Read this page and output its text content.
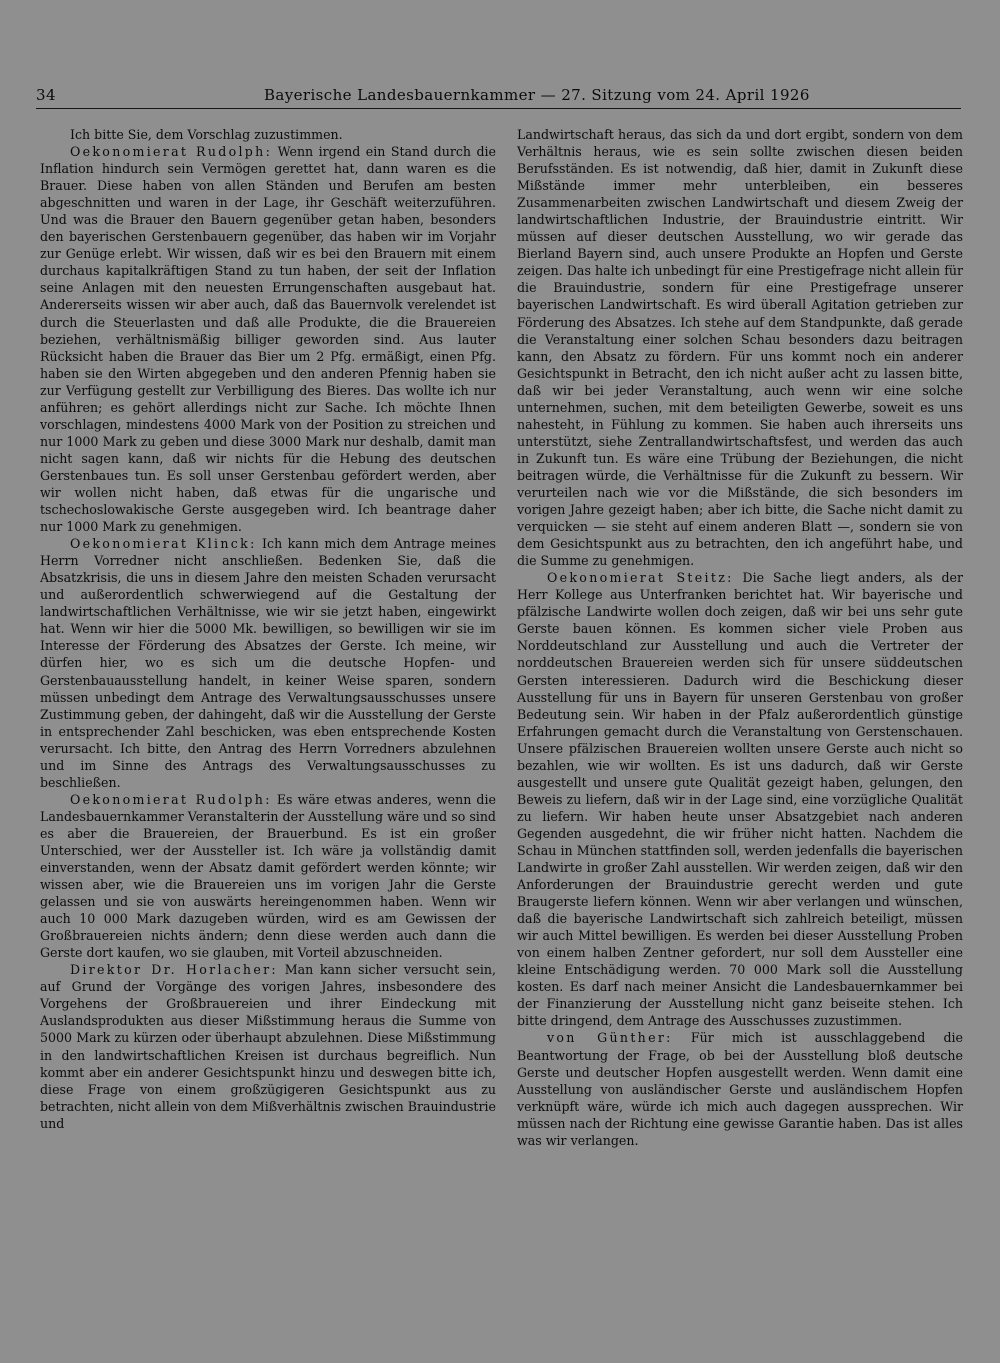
34	Bayerische Landesbauernkammer — 27. Sitzung vom 24. April 1926

Ich bitte Sie, dem Vorschlag zuzustimmen.

Oekonomierat Rudolph: Wenn irgend ein Stand durch die Inflation hindurch sein Vermögen gerettet hat, dann waren es die Brauer. Diese haben von allen Ständen und Berufen am besten abgeschnitten und waren in der Lage, ihr Geschäft weiterzuführen. Und was die Brauer den Bauern gegenüber getan haben, besonders den bayerischen Gerstenbauern gegenüber, das haben wir im Vorjahr zur Genüge erlebt. Wir wissen, daß wir es bei den Brauern mit einem durchaus kapitalkräftigen Stand zu tun haben, der seit der Inflation seine Anlagen mit den neuesten Errungenschaften ausgebaut hat. Andererseits wissen wir aber auch, daß das Bauernvolk verelendet ist durch die Steuerlasten und daß alle Produkte, die die Brauereien beziehen, verhältnismäßig billiger geworden sind. Aus lauter Rücksicht haben die Brauer das Bier um 2 Pfg. ermäßigt, einen Pfg. haben sie den Wirten abgegeben und den anderen Pfennig haben sie zur Verfügung gestellt zur Verbilligung des Bieres. Das wollte ich nur anführen; es gehört allerdings nicht zur Sache. Ich möchte Ihnen vorschlagen, mindestens 4000 Mark von der Position zu streichen und nur 1000 Mark zu geben und diese 3000 Mark nur deshalb, damit man nicht sagen kann, daß wir nichts für die Hebung des deutschen Gerstenbaues tun. Es soll unser Gerstenbau gefördert werden, aber wir wollen nicht haben, daß etwas für die ungarische und tschechoslowakische Gerste ausgegeben wird. Ich beantrage daher nur 1000 Mark zu genehmigen.

Oekonomierat Klinck: Ich kann mich dem Antrage meines Herrn Vorredner nicht anschließen. Bedenken Sie, daß die Absatzkrisis, die uns in diesem Jahre den meisten Schaden verursacht und außerordentlich schwerwiegend auf die Gestaltung der landwirtschaftlichen Verhältnisse, wie wir sie jetzt haben, eingewirkt hat. Wenn wir hier die 5000 Mk. bewilligen, so bewilligen wir sie im Interesse der Förderung des Absatzes der Gerste. Ich meine, wir dürfen hier, wo es sich um die deutsche Hopfen- und Gerstenbauausstellung handelt, in keiner Weise sparen, sondern müssen unbedingt dem Antrage des Verwaltungsausschusses unsere Zustimmung geben, der dahingeht, daß wir die Ausstellung der Gerste in entsprechender Zahl beschicken, was eben entsprechende Kosten verursacht. Ich bitte, den Antrag des Herrn Vorredners abzulehnen und im Sinne des Antrags des Verwaltungsausschusses zu beschließen.

Oekonomierat Rudolph: Es wäre etwas anderes, wenn die Landesbauernkammer Veranstalterin der Ausstellung wäre und so sind es aber die Brauereien, der Brauerbund. Es ist ein großer Unterschied, wer der Aussteller ist. Ich wäre ja vollständig damit einverstanden, wenn der Absatz damit gefördert werden könnte; wir wissen aber, wie die Brauereien uns im vorigen Jahr die Gerste gelassen und sie von auswärts hereingenommen haben. Wenn wir auch 10 000 Mark dazugeben würden, wird es am Gewissen der Großbrauereien nichts ändern; denn diese werden auch dann die Gerste dort kaufen, wo sie glauben, mit Vorteil abzuschneiden.

Direktor Dr. Horlacher: Man kann sicher versucht sein, auf Grund der Vorgänge des vorigen Jahres, insbesondere des Vorgehens der Großbrauereien und ihrer Eindeckung mit Auslandsprodukten aus dieser Mißstimmung heraus die Summe von 5000 Mark zu kürzen oder überhaupt abzulehnen. Diese Mißstimmung in den landwirtschaftlichen Kreisen ist durchaus begreiflich. Nun kommt aber ein anderer Gesichtspunkt hinzu und deswegen bitte ich, diese Frage von einem großzügigeren Gesichtspunkt aus zu betrachten, nicht allein von dem Mißverhältnis zwischen Brauindustrie und

Landwirtschaft heraus, das sich da und dort ergibt, sondern von dem Verhältnis heraus, wie es sein sollte zwischen diesen beiden Berufsständen. Es ist notwendig, daß hier, damit in Zukunft diese Mißstände immer mehr unterbleiben, ein besseres Zusammenarbeiten zwischen Landwirtschaft und diesem Zweig der landwirtschaftlichen Industrie, der Brauindustrie eintritt. Wir müssen auf dieser deutschen Ausstellung, wo wir gerade das Bierland Bayern sind, auch unsere Produkte an Hopfen und Gerste zeigen. Das halte ich unbedingt für eine Prestigefrage nicht allein für die Brauindustrie, sondern für eine Prestigefrage unserer bayerischen Landwirtschaft. Es wird überall Agitation getrieben zur Förderung des Absatzes. Ich stehe auf dem Standpunkte, daß gerade die Veranstaltung einer solchen Schau besonders dazu beitragen kann, den Absatz zu fördern. Für uns kommt noch ein anderer Gesichtspunkt in Betracht, den ich nicht außer acht zu lassen bitte, daß wir bei jeder Veranstaltung, auch wenn wir eine solche unternehmen, suchen, mit dem beteiligten Gewerbe, soweit es uns nahesteht, in Fühlung zu kommen. Sie haben auch ihrerseits uns unterstützt, siehe Zentrallandwirtschaftsfest, und werden das auch in Zukunft tun. Es wäre eine Trübung der Beziehungen, die nicht beitragen würde, die Verhältnisse für die Zukunft zu bessern. Wir verurteilen nach wie vor die Mißstände, die sich besonders im vorigen Jahre gezeigt haben; aber ich bitte, die Sache nicht damit zu verquicken — sie steht auf einem anderen Blatt —, sondern sie von dem Gesichtspunkt aus zu betrachten, den ich angeführt habe, und die Summe zu genehmigen.

Oekonomierat Steitz: Die Sache liegt anders, als der Herr Kollege aus Unterfranken berichtet hat. Wir bayerische und pfälzische Landwirte wollen doch zeigen, daß wir bei uns sehr gute Gerste bauen können. Es kommen sicher viele Proben aus Norddeutschland zur Ausstellung und auch die Vertreter der norddeutschen Brauereien werden sich für unsere süddeutschen Gersten interessieren. Dadurch wird die Beschickung dieser Ausstellung für uns in Bayern für unseren Gerstenbau von großer Bedeutung sein. Wir haben in der Pfalz außerordentlich günstige Erfahrungen gemacht durch die Veranstaltung von Gerstenschauen. Unsere pfälzischen Brauereien wollten unsere Gerste auch nicht so bezahlen, wie wir wollten. Es ist uns dadurch, daß wir Gerste ausgestellt und unsere gute Qualität gezeigt haben, gelungen, den Beweis zu liefern, daß wir in der Lage sind, eine vorzügliche Qualität zu liefern. Wir haben heute unser Absatzgebiet nach anderen Gegenden ausgedehnt, die wir früher nicht hatten. Nachdem die Schau in München stattfinden soll, werden jedenfalls die bayerischen Landwirte in großer Zahl ausstellen. Wir werden zeigen, daß wir den Anforderungen der Brauindustrie gerecht werden und gute Braugerste liefern können. Wenn wir aber verlangen und wünschen, daß die bayerische Landwirtschaft sich zahlreich beteiligt, müssen wir auch Mittel bewilligen. Es werden bei dieser Ausstellung Proben von einem halben Zentner gefordert, nur soll dem Aussteller eine kleine Entschädigung werden. 70 000 Mark soll die Ausstellung kosten. Es darf nach meiner Ansicht die Landesbauernkammer bei der Finanzierung der Ausstellung nicht ganz beiseite stehen. Ich bitte dringend, dem Antrage des Ausschusses zuzustimmen.

von Günther: Für mich ist ausschlaggebend die Beantwortung der Frage, ob bei der Ausstellung bloß deutsche Gerste und deutscher Hopfen ausgestellt werden. Wenn damit eine Ausstellung von ausländischer Gerste und ausländischem Hopfen verknüpft wäre, würde ich mich auch dagegen aussprechen. Wir müssen nach der Richtung eine gewisse Garantie haben. Das ist alles was wir verlangen.
